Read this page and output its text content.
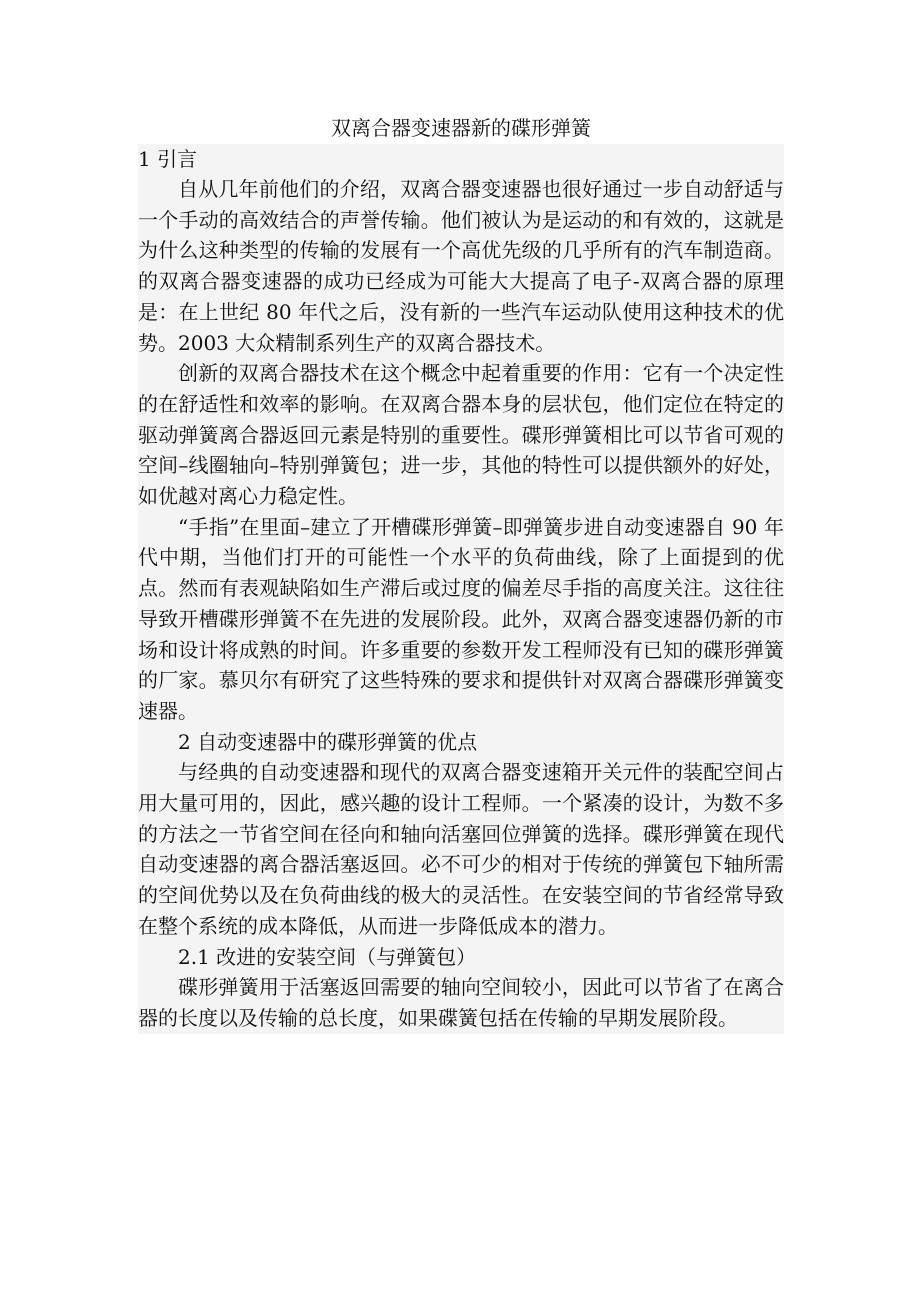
双离合器变速器新的碟形弹簧

1 引言

自从几年前他们的介绍，双离合器变速器也很好通过一步自动舒适与一个手动的高效结合的声誉传输。他们被认为是运动的和有效的，这就是为什么这种类型的传输的发展有一个高优先级的几乎所有的汽车制造商。的双离合器变速器的成功已经成为可能大大提高了电子-双离合器的原理是：在上世纪 80 年代之后，没有新的一些汽车运动队使用这种技术的优势。2003 大众精制系列生产的双离合器技术。

创新的双离合器技术在这个概念中起着重要的作用：它有一个决定性的在舒适性和效率的影响。在双离合器本身的层状包，他们定位在特定的驱动弹簧离合器返回元素是特别的重要性。碟形弹簧相比可以节省可观的空间–线圈轴向–特别弹簧包；进一步，其他的特性可以提供额外的好处，如优越对离心力稳定性。

“手指”在里面–建立了开槽碟形弹簧–即弹簧步进自动变速器自 90 年代中期，当他们打开的可能性一个水平的负荷曲线，除了上面提到的优点。然而有表观缺陷如生产滞后或过度的偏差尽手指的高度关注。这往往导致开槽碟形弹簧不在先进的发展阶段。此外，双离合器变速器仍新的市场和设计将成熟的时间。许多重要的参数开发工程师没有已知的碟形弹簧的厂家。慕贝尔有研究了这些特殊的要求和提供针对双离合器碟形弹簧变速器。

2 自动变速器中的碟形弹簧的优点

与经典的自动变速器和现代的双离合器变速箱开关元件的装配空间占用大量可用的，因此，感兴趣的设计工程师。一个紧凑的设计，为数不多的方法之一节省空间在径向和轴向活塞回位弹簧的选择。碟形弹簧在现代自动变速器的离合器活塞返回。必不可少的相对于传统的弹簧包下轴所需的空间优势以及在负荷曲线的极大的灵活性。在安装空间的节省经常导致在整个系统的成本降低，从而进一步降低成本的潜力。

2.1 改进的安装空间（与弹簧包）

碟形弹簧用于活塞返回需要的轴向空间较小，因此可以节省了在离合器的长度以及传输的总长度，如果碟簧包括在传输的早期发展阶段。
